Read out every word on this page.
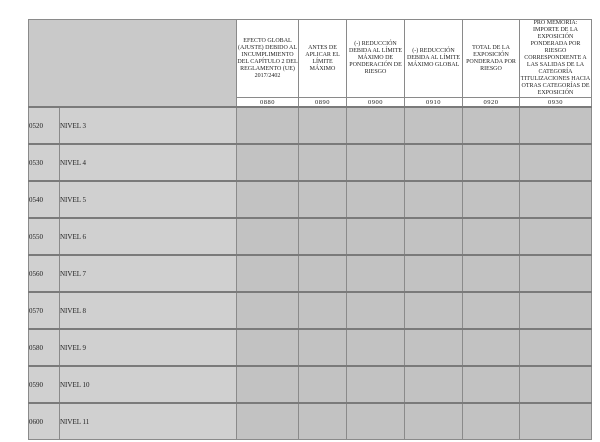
		EFECTO GLOBAL (AJUSTE) DEBIDO AL INCUMPLIMIENTO DEL CAPÍTULO 2 DEL REGLAMENTO (UE) 2017/2402	ANTES DE APLICAR EL LÍMITE MÁXIMO	(-) REDUCCIÓN DEBIDA AL LÍMITE MÁXIMO DE PONDERACIÓN DE RIESGO	(-) REDUCCIÓN DEBIDA AL LÍMITE MÁXIMO GLOBAL	TOTAL DE LA EXPOSICIÓN PONDERADA POR RIESGO	PRO MEMORIA: IMPORTE DE LA EXPOSICIÓN PONDERADA POR RIESGO CORRESPONDIENTE A LAS SALIDAS DE LA CATEGORÍA TITULIZACIONES HACIA OTRAS CATEGORÍAS DE EXPOSICIÓN
		0880	0890	0900	0910	0920	0930
0520	NIVEL 3						
0530	NIVEL 4						
0540	NIVEL 5						
0550	NIVEL 6						
0560	NIVEL 7						
0570	NIVEL 8						
0580	NIVEL 9						
0590	NIVEL 10						
0600	NIVEL 11						
